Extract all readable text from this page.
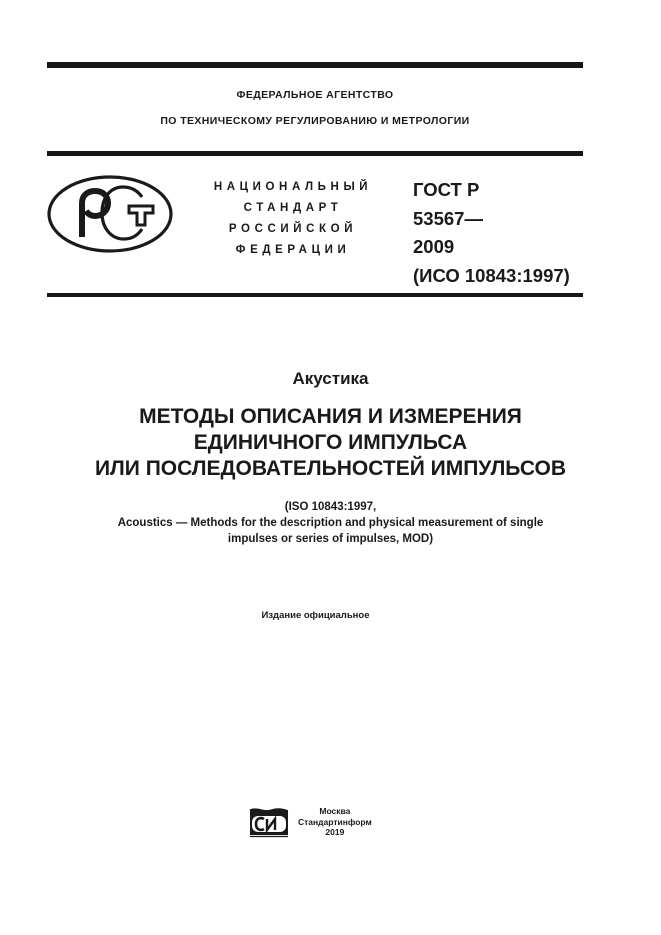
ФЕДЕРАЛЬНОЕ АГЕНТСТВО
ПО ТЕХНИЧЕСКОМУ РЕГУЛИРОВАНИЮ И МЕТРОЛОГИИ
НАЦИОНАЛЬНЫЙ
СТАНДАРТ
РОССИЙСКОЙ
ФЕДЕРАЦИИ
ГОСТ Р
53567—
2009
(ИСО 10843:1997)
Акустика
МЕТОДЫ ОПИСАНИЯ И ИЗМЕРЕНИЯ
ЕДИНИЧНОГО ИМПУЛЬСА
ИЛИ ПОСЛЕДОВАТЕЛЬНОСТЕЙ ИМПУЛЬСОВ
(ISO 10843:1997,
Acoustics — Methods for the description and physical measurement of single
impulses or series of impulses, MOD)
Издание официальное
Москва
Стандартинформ
2019
